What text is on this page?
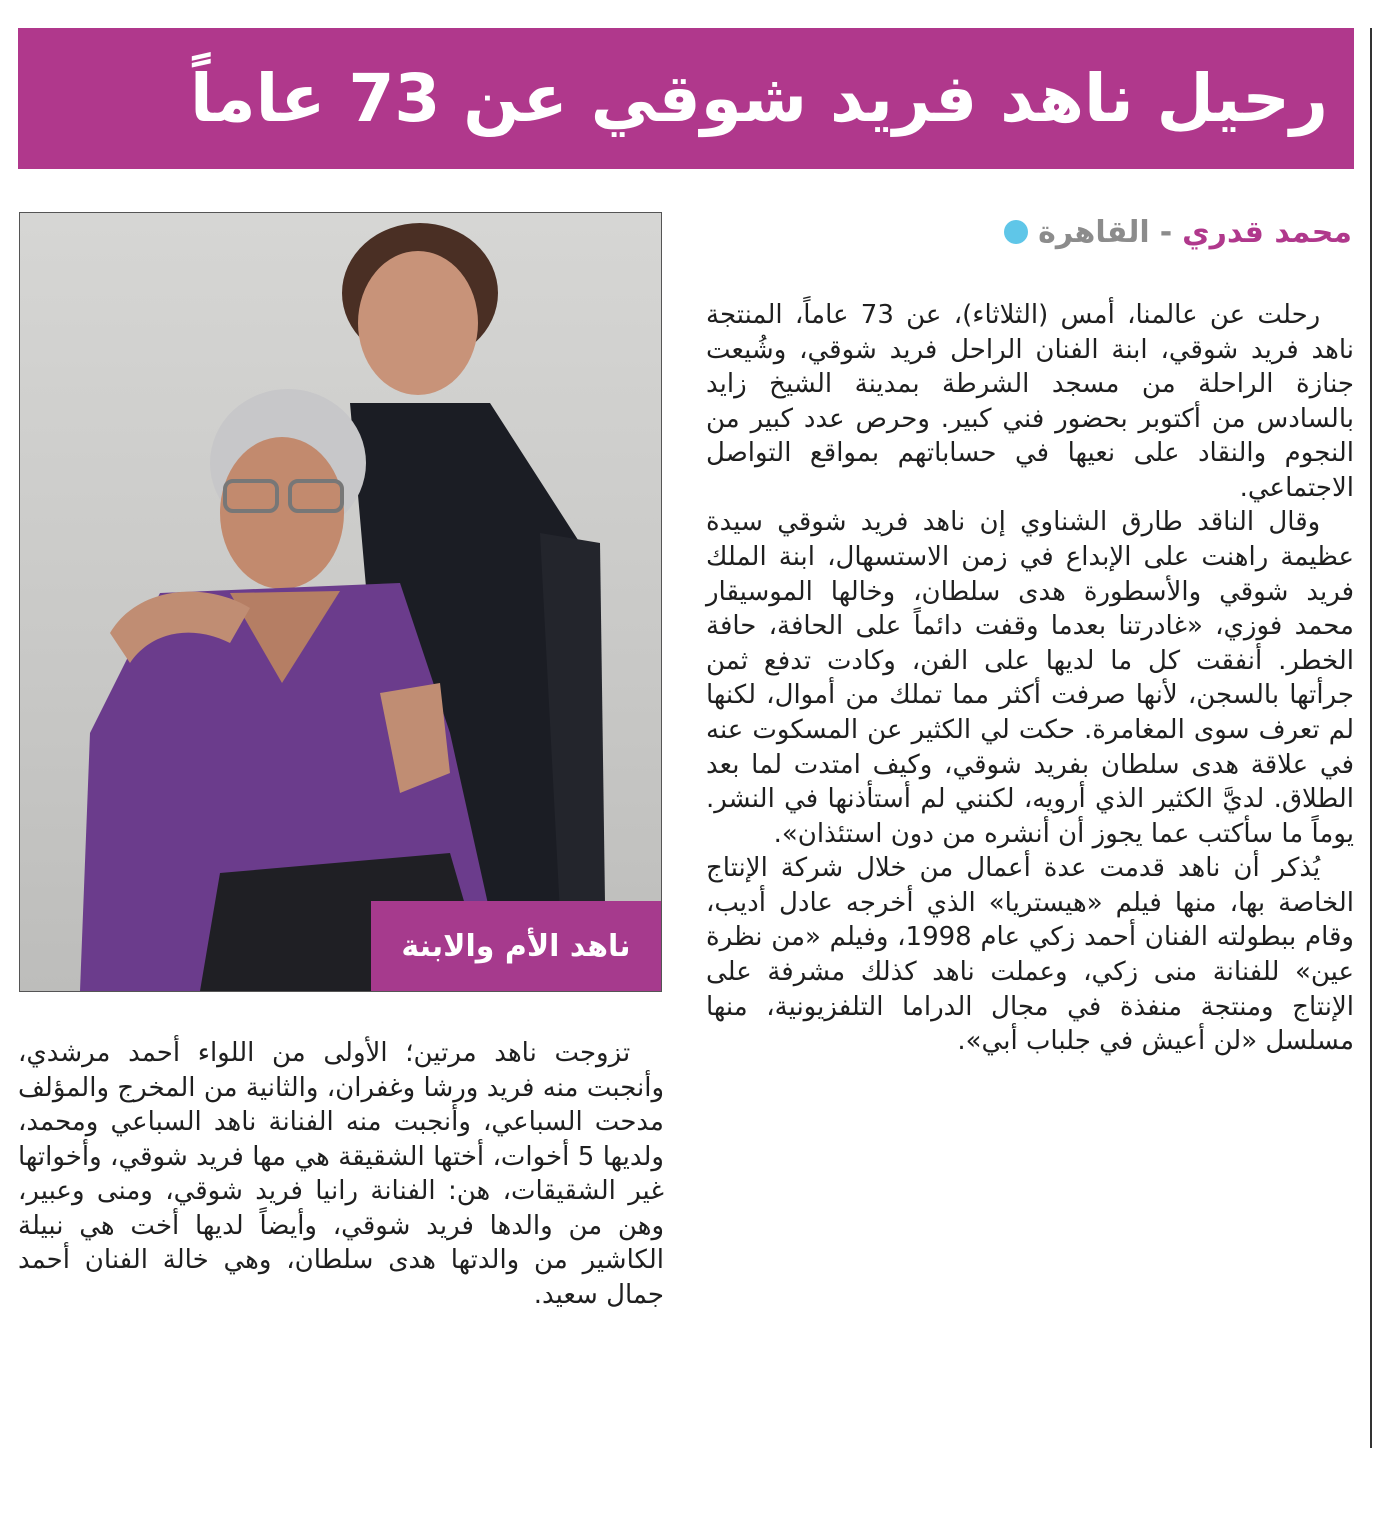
رحيل ناهد فريد شوقي عن 73 عاماً
القاهرة - محمد قدري

رحلت عن عالمنا، أمس (الثلاثاء)، عن 73 عاماً، المنتجة ناهد فريد شوقي، ابنة الفنان الراحل فريد شوقي، وشُيعت جنازة الراحلة من مسجد الشرطة بمدينة الشيخ زايد بالسادس من أكتوبر بحضور فني كبير. وحرص عدد كبير من النجوم والنقاد على نعيها في حساباتهم بمواقع التواصل الاجتماعي.

وقال الناقد طارق الشناوي إن ناهد فريد شوقي سيدة عظيمة راهنت على الإبداع في زمن الاستسهال، ابنة الملك فريد شوقي والأسطورة هدى سلطان، وخالها الموسيقار محمد فوزي، «غادرتنا بعدما وقفت دائماً على الحافة، حافة الخطر. أنفقت كل ما لديها على الفن، وكادت تدفع ثمن جرأتها بالسجن، لأنها صرفت أكثر مما تملك من أموال، لكنها لم تعرف سوى المغامرة. حكت لي الكثير عن المسكوت عنه في علاقة هدى سلطان بفريد شوقي، وكيف امتدت لما بعد الطلاق. لديَّ الكثير الذي أرويه، لكنني لم أستأذنها في النشر. يوماً ما سأكتب عما يجوز أن أنشره من دون استئذان».

يُذكر أن ناهد قدمت عدة أعمال من خلال شركة الإنتاج الخاصة بها، منها فيلم «هيستريا» الذي أخرجه عادل أديب، وقام ببطولته الفنان أحمد زكي عام 1998، وفيلم «من نظرة عين» للفنانة منى زكي، وعملت ناهد كذلك مشرفة على الإنتاج ومنتجة منفذة في مجال الدراما التلفزيونية، منها مسلسل «لن أعيش في جلباب أبي».

ناهد الأم والابنة

تزوجت ناهد مرتين؛ الأولى من اللواء أحمد مرشدي، وأنجبت منه فريد ورشا وغفران، والثانية من المخرج والمؤلف مدحت السباعي، وأنجبت منه الفنانة ناهد السباعي ومحمد، ولديها 5 أخوات، أختها الشقيقة هي مها فريد شوقي، وأخواتها غير الشقيقات، هن: الفنانة رانيا فريد شوقي، ومنى وعبير، وهن من والدها فريد شوقي، وأيضاً لديها أخت هي نبيلة الكاشير من والدتها هدى سلطان، وهي خالة الفنان أحمد جمال سعيد.
